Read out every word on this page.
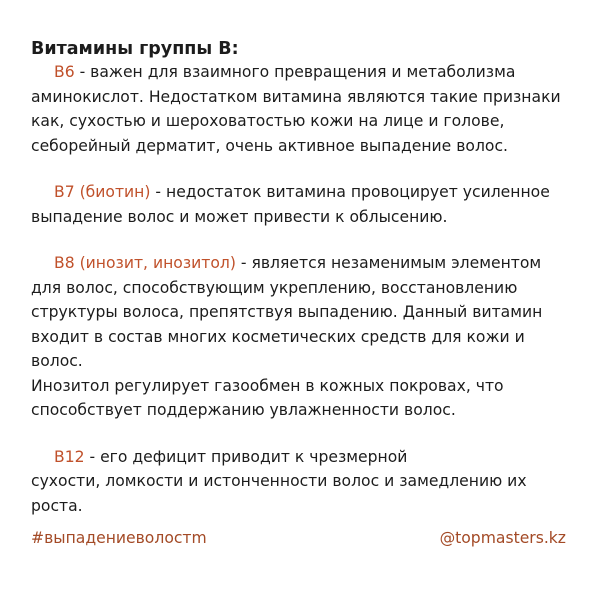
Витамины группы В:

В6 - важен для взаимного превращения и метаболизма
аминокислот. Недостатком витамина являются такие признаки
как, сухостью и шероховатостью кожи на лице и голове,
себорейный дерматит, очень активное выпадение волос.
В7 (биотин) - недостаток витамина провоцирует усиленное
выпадение волос и может привести к облысению.
В8 (инозит, инозитол) - является незаменимым элементом
для волос, способствующим укреплению, восстановлению
структуры волоса, препятствуя выпадению. Данный витамин
входит в состав многих косметических средств для кожи и волос.
Инозитол регулирует газообмен в кожных покровах, что
способствует поддержанию увлажненности волос.
В12 - его дефицит приводит к чрезмерной
сухости, ломкости и истонченности волос и замедлению их
роста.
#выпадениеволостm	@topmasters.kz
